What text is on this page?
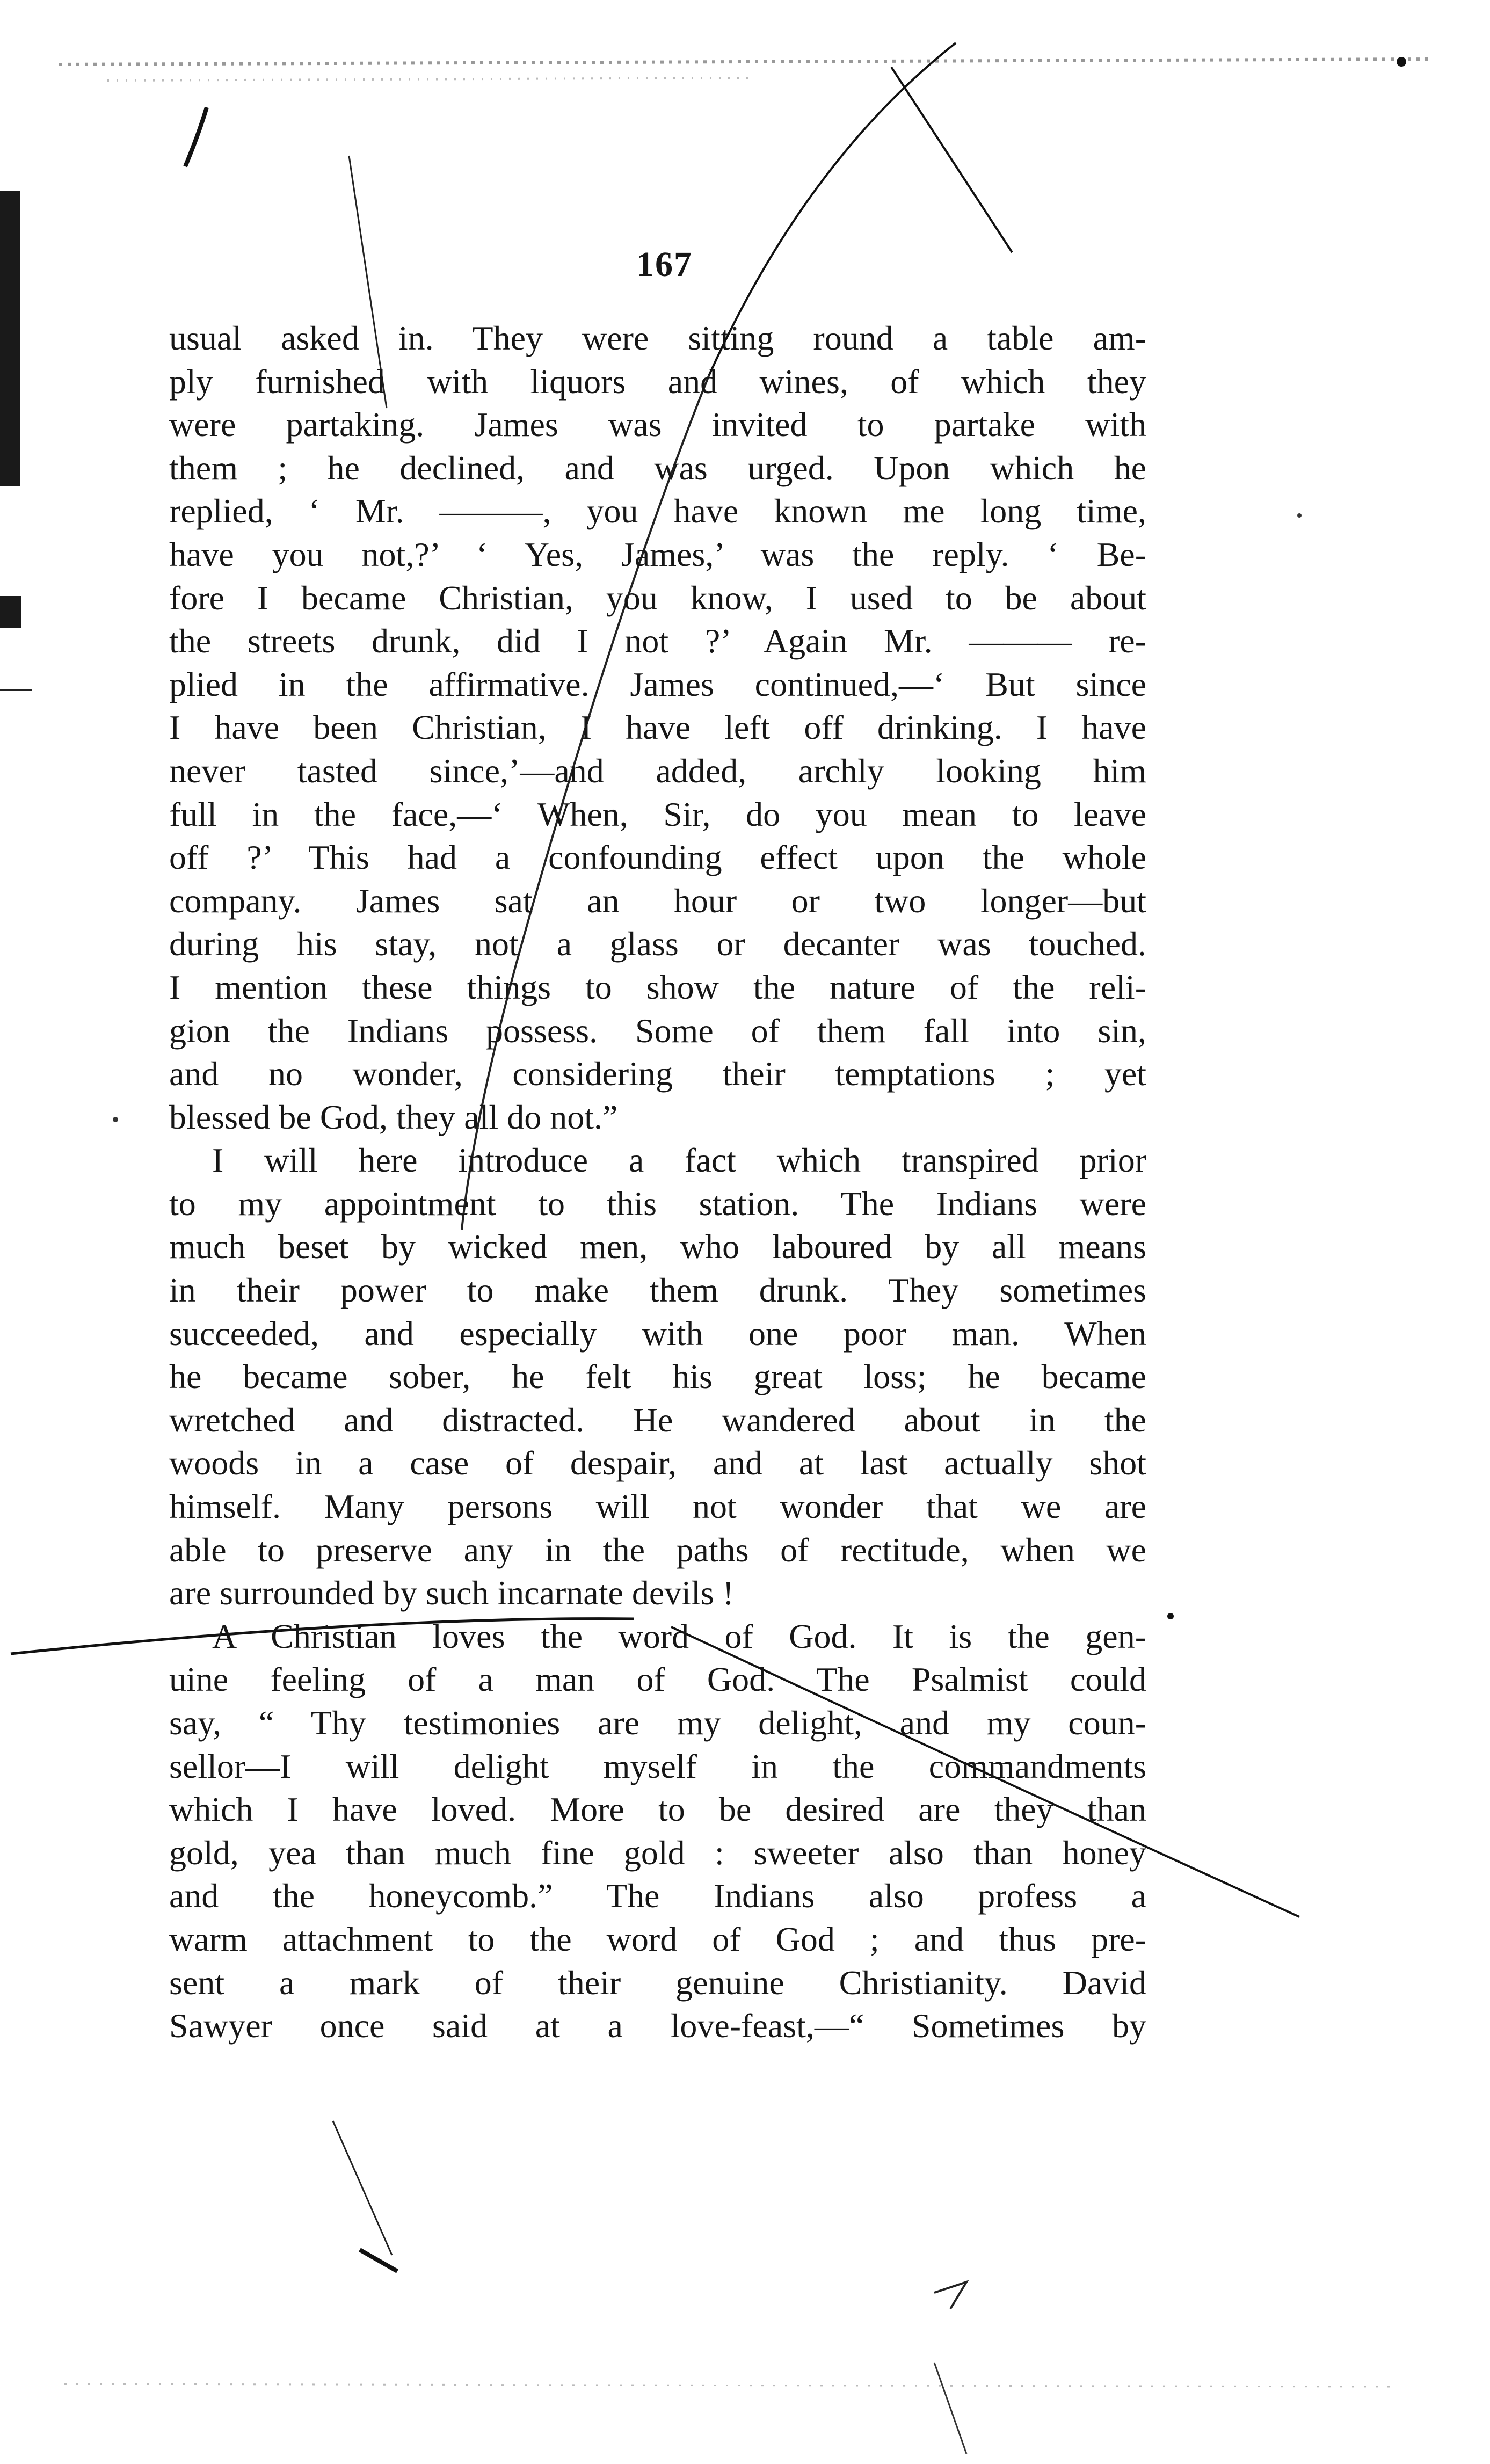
167
usual asked in. They were sitting round a table am-
ply furnished with liquors and wines, of which they
were partaking. James was invited to partake with
them ; he declined, and was urged. Upon which he
replied, ‘ Mr. ———, you have known me long time,
have you not,?’ ‘ Yes, James,’ was the reply. ‘ Be-
fore I became Christian, you know, I used to be about
the streets drunk, did I not ?’ Again Mr. ——— re-
plied in the affirmative. James continued,—‘ But since
I have been Christian, I have left off drinking. I have
never tasted since,’—and added, archly looking him
full in the face,—‘ When, Sir, do you mean to leave
off ?’ This had a confounding effect upon the whole
company. James sat an hour or two longer—but
during his stay, not a glass or decanter was touched.
I mention these things to show the nature of the reli-
gion the Indians possess. Some of them fall into sin,
and no wonder, considering their temptations ; yet
blessed be God, they all do not.”
I will here introduce a fact which transpired prior
to my appointment to this station. The Indians were
much beset by wicked men, who laboured by all means
in their power to make them drunk. They sometimes
succeeded, and especially with one poor man. When
he became sober, he felt his great loss; he became
wretched and distracted. He wandered about in the
woods in a case of despair, and at last actually shot
himself. Many persons will not wonder that we are
able to preserve any in the paths of rectitude, when we
are surrounded by such incarnate devils !
A Christian loves the word of God. It is the gen-
uine feeling of a man of God. The Psalmist could
say, “ Thy testimonies are my delight, and my coun-
sellor—I will delight myself in the commandments
which I have loved. More to be desired are they than
gold, yea than much fine gold : sweeter also than honey
and the honeycomb.” The Indians also profess a
warm attachment to the word of God ; and thus pre-
sent a mark of their genuine Christianity. David
Sawyer once said at a love-feast,—“ Sometimes by
